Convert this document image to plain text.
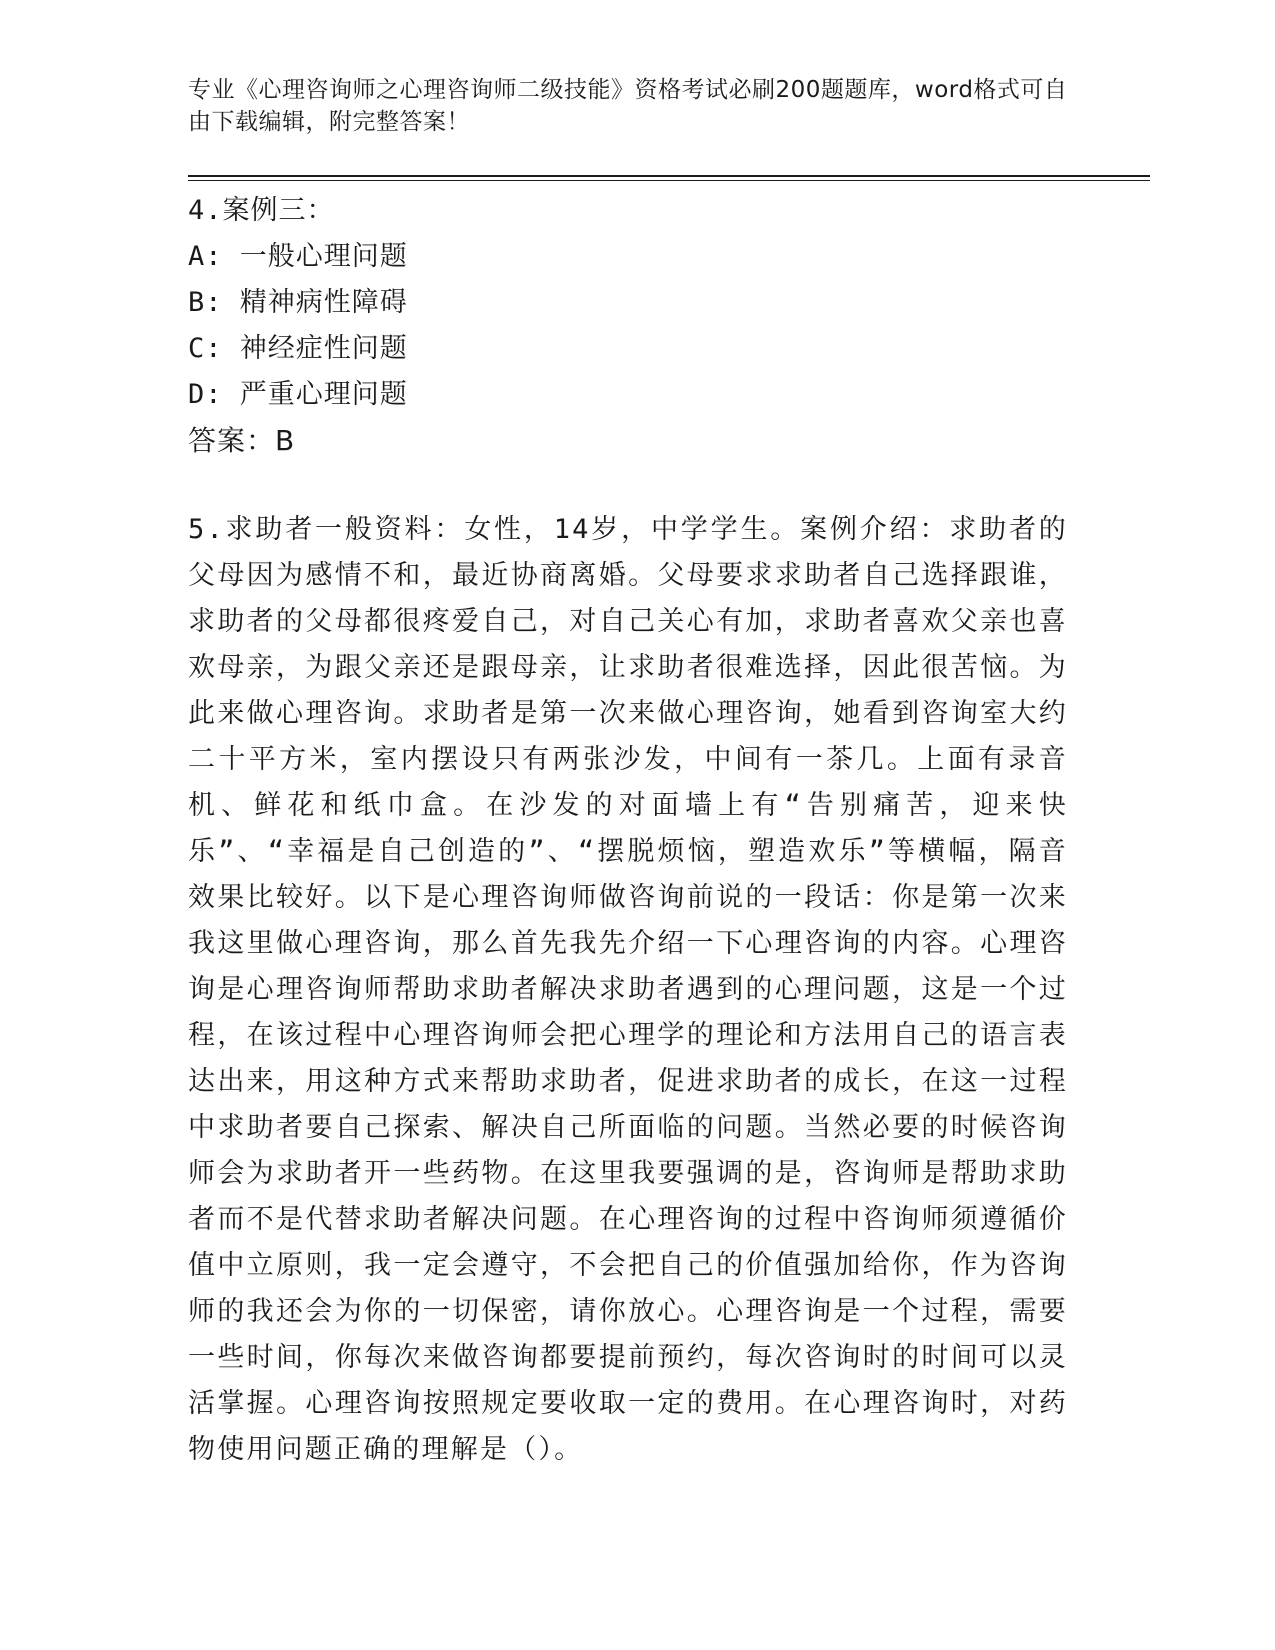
专业《心理咨询师之心理咨询师二级技能》资格考试必刷200题题库，word格式可自由下载编辑，附完整答案！
4.案例三：
A: 一般心理问题
B: 精神病性障碍
C: 神经症性问题
D: 严重心理问题
答案：B
5.求助者一般资料：女性，14岁，中学学生。案例介绍：求助者的父母因为感情不和，最近协商离婚。父母要求求助者自己选择跟谁，求助者的父母都很疼爱自己，对自己关心有加，求助者喜欢父亲也喜欢母亲，为跟父亲还是跟母亲，让求助者很难选择，因此很苦恼。为此来做心理咨询。求助者是第一次来做心理咨询，她看到咨询室大约二十平方米，室内摆设只有两张沙发，中间有一茶几。上面有录音机、鲜花和纸巾盒。在沙发的对面墙上有“告别痛苦，迎来快乐”、“幸福是自己创造的”、“摆脱烦恼，塑造欢乐”等横幅，隔音效果比较好。以下是心理咨询师做咨询前说的一段话：你是第一次来我这里做心理咨询，那么首先我先介绍一下心理咨询的内容。心理咨询是心理咨询师帮助求助者解决求助者遇到的心理问题，这是一个过程，在该过程中心理咨询师会把心理学的理论和方法用自己的语言表达出来，用这种方式来帮助求助者，促进求助者的成长，在这一过程中求助者要自己探索、解决自己所面临的问题。当然必要的时候咨询师会为求助者开一些药物。在这里我要强调的是，咨询师是帮助求助者而不是代替求助者解决问题。在心理咨询的过程中咨询师须遵循价值中立原则，我一定会遵守，不会把自己的价值强加给你，作为咨询师的我还会为你的一切保密，请你放心。心理咨询是一个过程，需要一些时间，你每次来做咨询都要提前预约，每次咨询时的时间可以灵活掌握。心理咨询按照规定要收取一定的费用。在心理咨询时，对药物使用问题正确的理解是（）。
